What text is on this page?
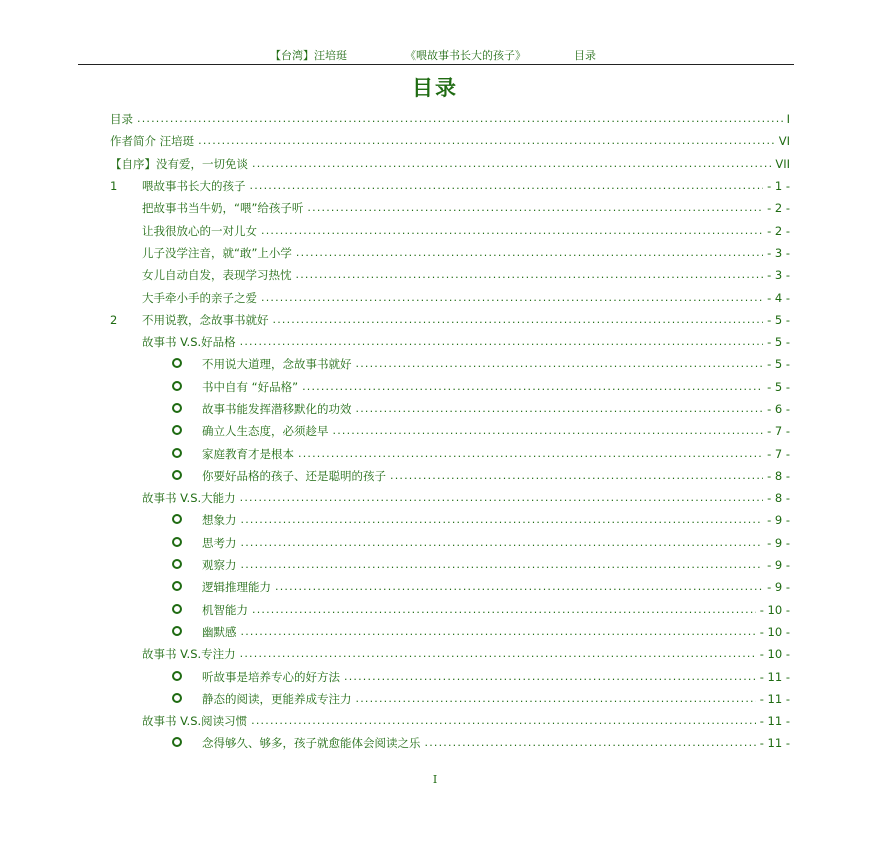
【台湾】汪培珽	《喂故事书长大的孩子》	目录
目录
目录 .....	I
作者简介 汪培珽 .....	VI
【自序】没有爱，一切免谈 .....	VII
1	喂故事书长大的孩子 .....	- 1 -
把故事书当牛奶，“喂”给孩子听 .....	- 2 -
让我很放心的一对儿女 .....	- 2 -
儿子没学注音，就“敢”上小学 .....	- 3 -
女儿自动自发，表现学习热忱 .....	- 3 -
大手牵小手的亲子之爱 .....	- 4 -
2	不用说教，念故事书就好 .....	- 5 -
故事书 V.S.好品格 .....	- 5 -
不用说大道理，念故事书就好 .....	- 5 -
书中自有 “好品格” .....	- 5 -
故事书能发挥潜移默化的功效 .....	- 6 -
确立人生态度，必须趁早 .....	- 7 -
家庭教育才是根本 .....	- 7 -
你要好品格的孩子、还是聪明的孩子 .....	- 8 -
故事书 V.S.大能力 .....	- 8 -
想象力 .....	- 9 -
思考力 .....	- 9 -
观察力 .....	- 9 -
逻辑推理能力 .....	- 9 -
机智能力 .....	- 10 -
幽默感 .....	- 10 -
故事书 V.S.专注力 .....	- 10 -
听故事是培养专心的好方法 .....	- 11 -
静态的阅读，更能养成专注力 .....	- 11 -
故事书 V.S.阅读习惯 .....	- 11 -
念得够久、够多，孩子就愈能体会阅读之乐 .....	- 11 -
I
